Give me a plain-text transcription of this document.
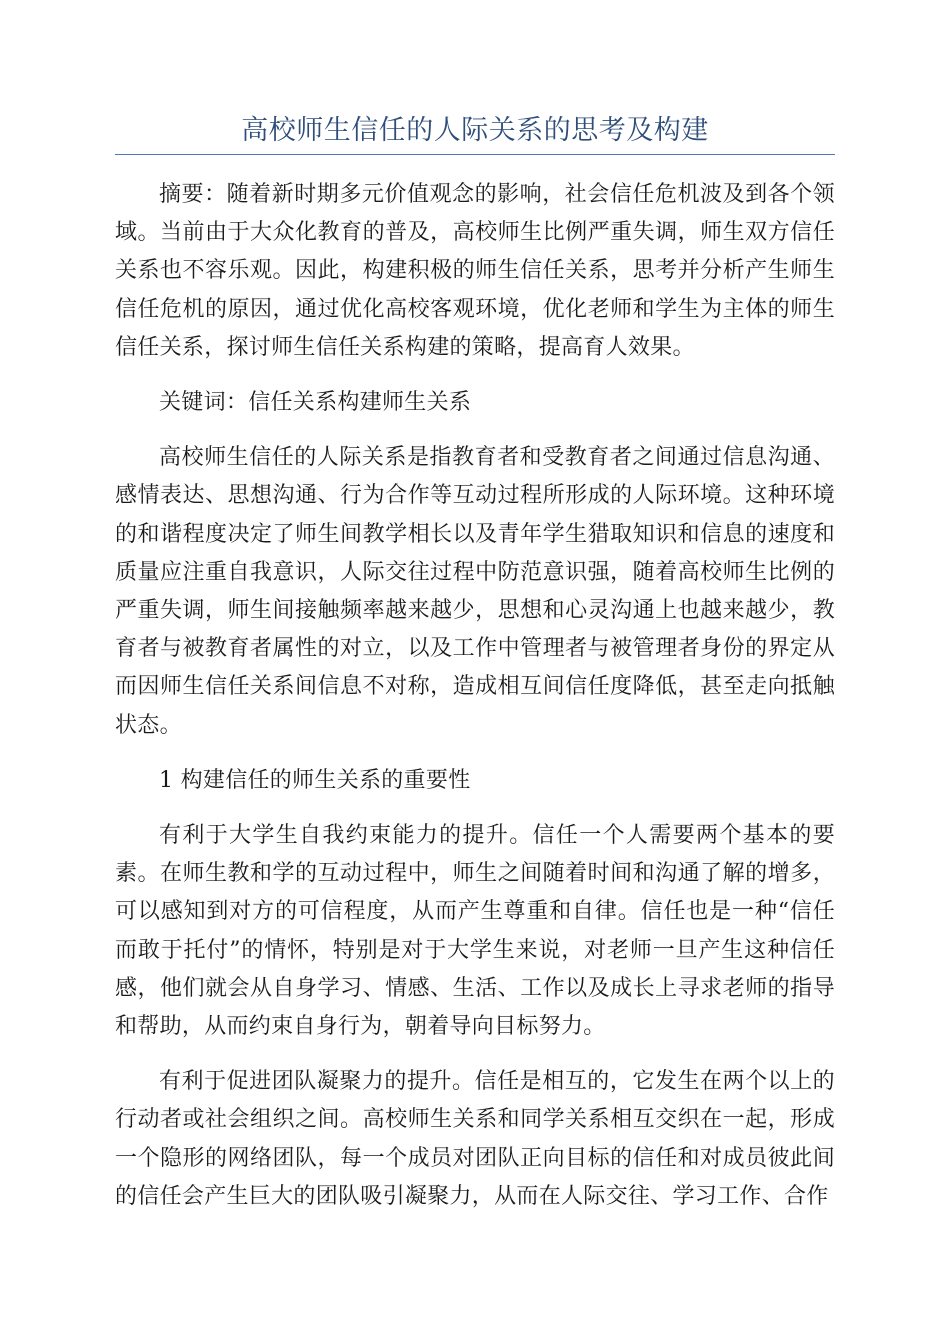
高校师生信任的人际关系的思考及构建

摘要：随着新时期多元价值观念的影响，社会信任危机波及到各个领域。当前由于大众化教育的普及，高校师生比例严重失调，师生双方信任关系也不容乐观。因此，构建积极的师生信任关系，思考并分析产生师生信任危机的原因，通过优化高校客观环境，优化老师和学生为主体的师生信任关系，探讨师生信任关系构建的策略，提高育人效果。

关键词：信任关系构建师生关系

高校师生信任的人际关系是指教育者和受教育者之间通过信息沟通、感情表达、思想沟通、行为合作等互动过程所形成的人际环境。这种环境的和谐程度决定了师生间教学相长以及青年学生猎取知识和信息的速度和质量应注重自我意识，人际交往过程中防范意识强，随着高校师生比例的严重失调，师生间接触频率越来越少，思想和心灵沟通上也越来越少，教育者与被教育者属性的对立，以及工作中管理者与被管理者身份的界定从而因师生信任关系间信息不对称，造成相互间信任度降低，甚至走向抵触状态。

1 构建信任的师生关系的重要性

有利于大学生自我约束能力的提升。信任一个人需要两个基本的要素。在师生教和学的互动过程中，师生之间随着时间和沟通了解的增多，可以感知到对方的可信程度，从而产生尊重和自律。信任也是一种“信任而敢于托付”的情怀，特别是对于大学生来说，对老师一旦产生这种信任感，他们就会从自身学习、情感、生活、工作以及成长上寻求老师的指导和帮助，从而约束自身行为，朝着导向目标努力。

有利于促进团队凝聚力的提升。信任是相互的，它发生在两个以上的行动者或社会组织之间。高校师生关系和同学关系相互交织在一起，形成一个隐形的网络团队，每一个成员对团队正向目标的信任和对成员彼此间的信任会产生巨大的团队吸引凝聚力，从而在人际交往、学习工作、合作
